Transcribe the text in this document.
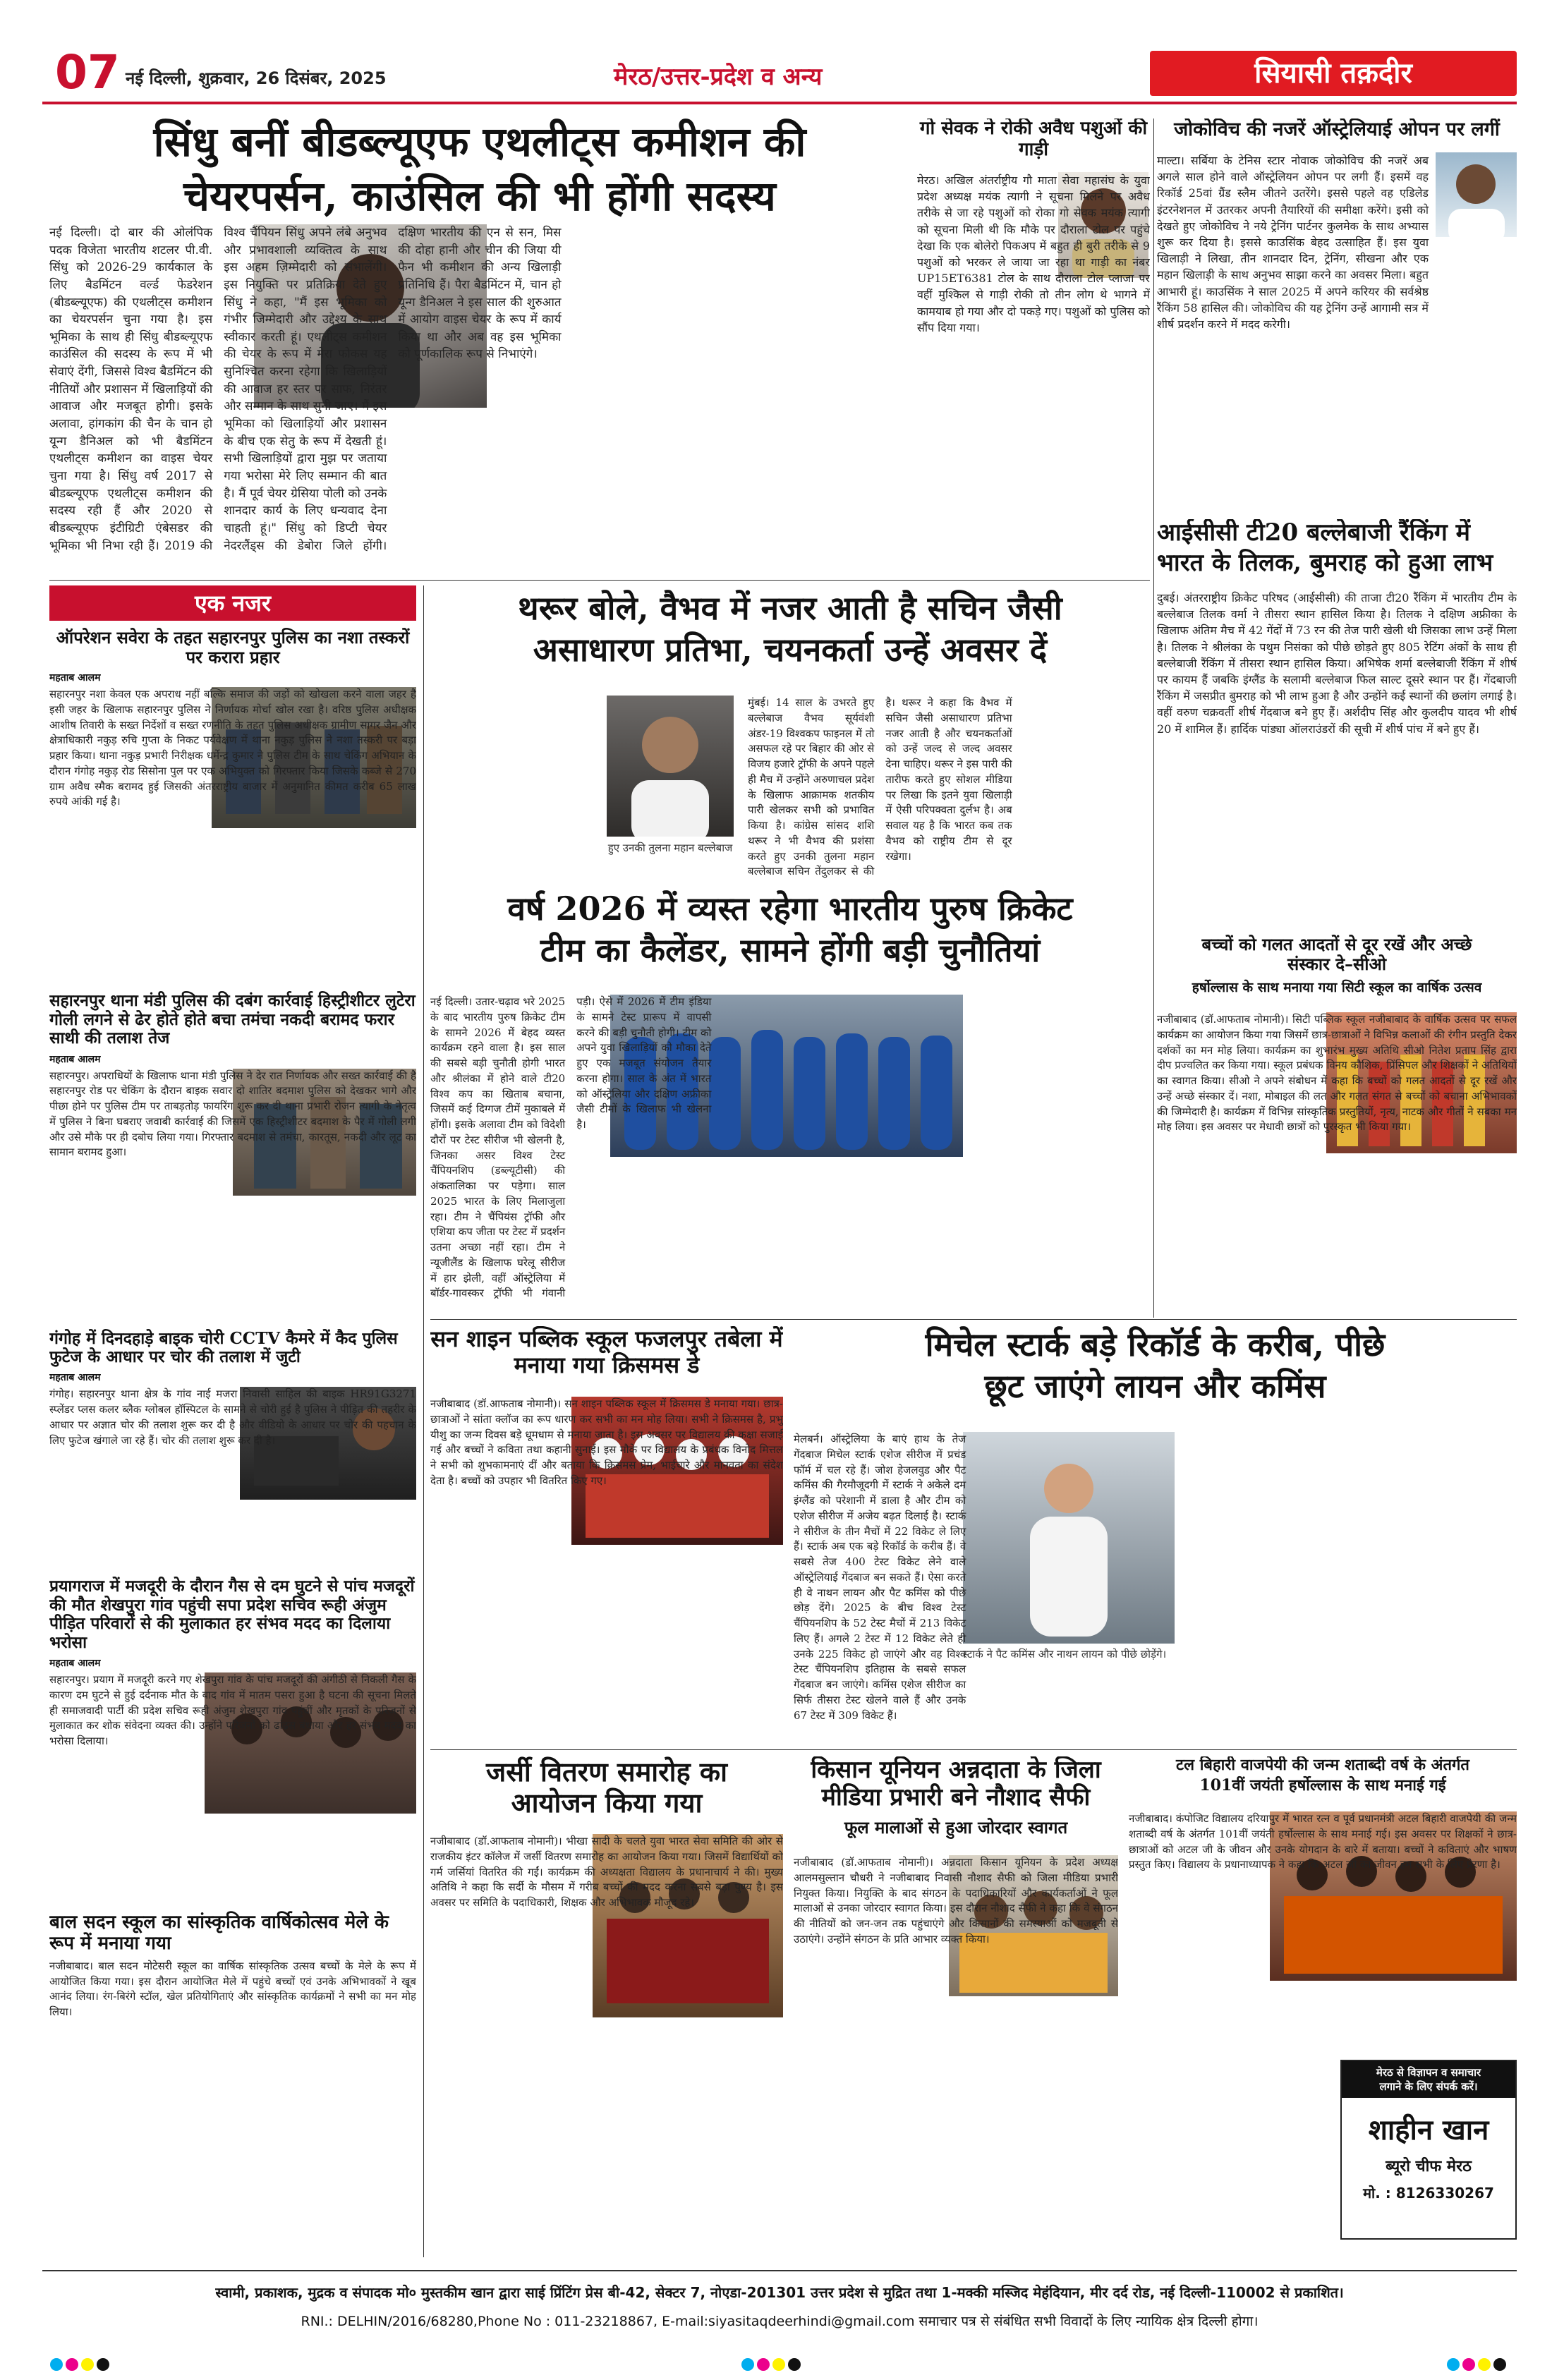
07 नई दिल्ली, शुक्रवार, 26 दिसंबर, 2025	मेरठ/उत्तर-प्रदेश व अन्य	सियासी तक़दीर
सिंधु बनीं बीडब्ल्यूएफ एथलीट्स कमीशन की
चेयरपर्सन, काउंसिल की भी होंगी सदस्य
नई दिल्ली। दो बार की ओलंपिक पदक विजेता भारतीय शटलर पी.वी. सिंधु को 2026-29 कार्यकाल के लिए बैडमिंटन वर्ल्ड फेडरेशन (बीडब्ल्यूएफ) की एथलीट्स कमीशन का चेयरपर्सन चुना गया है। इस भूमिका के साथ ही सिंधु बीडब्ल्यूएफ काउंसिल की सदस्य के रूप में भी सेवाएं देंगी, जिससे विश्व बैडमिंटन की नीतियों और प्रशासन में खिलाड़ियों की आवाज और मजबूत होगी। इसके अलावा, हांगकांग की चैन के चान हो यून्ग डैनिअल को भी बैडमिंटन एथलीट्स कमीशन का वाइस चेयर चुना गया है। सिंधु वर्ष 2017 से बीडब्ल्यूएफ एथलीट्स कमीशन की सदस्य रही हैं और 2020 से बीडब्ल्यूएफ इंटीग्रिटी एंबेसडर की भूमिका भी निभा रही हैं। 2019 की विश्व चैंपियन सिंधु अपने लंबे अनुभव और प्रभावशाली व्यक्तित्व के साथ इस अहम ज़िम्मेदारी को संभालेंगी। इस नियुक्ति पर प्रतिक्रिया देते हुए सिंधु ने कहा, "मैं इस भूमिका को गंभीर जिम्मेदारी और उद्देश्य के साथ स्वीकार करती हूं। एथलीट्स कमीशन की चेयर के रूप में मेरा फोकस यह सुनिश्चित करना रहेगा कि खिलाड़ियों की आवाज हर स्तर पर साफ, निरंतर और सम्मान के साथ सुनी जाए। मैं इस भूमिका को खिलाड़ियों और प्रशासन के बीच एक सेतु के रूप में देखती हूं। सभी खिलाड़ियों द्वारा मुझ पर जताया गया भरोसा मेरे लिए सम्मान की बात है। मैं पूर्व चेयर ग्रेसिया पोली को उनके शानदार कार्य के लिए धन्यवाद देना चाहती हूं।" सिंधु को डिप्टी चेयर नेदरलैंड्स की डेबोरा जिले होंगी। दक्षिण भारतीय की एन से सन, मिस की दोहा हानी और चीन की जिया यी फैन भी कमीशन की अन्य खिलाड़ी प्रतिनिधि हैं। पैरा बैडमिंटन में, चान हो यून्ग डैनिअल ने इस साल की शुरुआत में आयोग वाइस चेयर के रूप में कार्य किया था और अब वह इस भूमिका को पूर्णकालिक रूप से निभाएंगे।
गो सेवक ने रोकी अवैध पशुओं की गाड़ी
मेरठ। अखिल अंतर्राष्ट्रीय गौ माता सेवा महासंघ के युवा प्रदेश अध्यक्ष मयंक त्यागी ने सूचना मिलने पर अवैध तरीके से जा रहे पशुओं को रोका गो सेवक मयंक त्यागी को सूचना मिली थी कि मौके पर दौराला टोल पर पहुंचे देखा कि एक बोलेरो पिकअप में बहुत ही बुरी तरीके से 9 पशुओं को भरकर ले जाया जा रहा था गाड़ी का नंबर UP15ET6381 टोल के साथ दौराला टोल प्लाजा पर वहीं मुश्किल से गाड़ी रोकी तो तीन लोग थे भागने में कामयाब हो गया और दो पकड़े गए। पशुओं को पुलिस को सौंप दिया गया।
जोकोविच की नजरें ऑस्ट्रेलियाई ओपन पर लगीं
माल्टा। सर्बिया के टेनिस स्टार नोवाक जोकोविच की नजरें अब अगले साल होने वाले ऑस्ट्रेलियन ओपन पर लगी हैं। इसमें वह रिकॉर्ड 25वां ग्रैंड स्लैम जीतने उतरेंगे। इससे पहले वह एडिलेड इंटरनेशनल में उतरकर अपनी तैयारियों की समीक्षा करेंगे। इसी को देखते हुए जोकोविच ने नये ट्रेनिंग पार्टनर कुलमेक के साथ अभ्यास शुरू कर दिया है। इससे काउसिंक बेहद उत्साहित हैं। इस युवा खिलाड़ी ने लिखा, तीन शानदार दिन, ट्रेनिंग, सीखना और एक महान खिलाड़ी के साथ अनुभव साझा करने का अवसर मिला। बहुत आभारी हूं। काउसिंक ने साल 2025 में अपने करियर की सर्वश्रेष्ठ रैंकिंग 58 हासिल की। जोकोविच की यह ट्रेनिंग उन्हें आगामी सत्र में शीर्ष प्रदर्शन करने में मदद करेगी।
आईसीसी टी20 बल्लेबाजी रैंकिंग में
भारत के तिलक, बुमराह को हुआ लाभ
दुबई। अंतरराष्ट्रीय क्रिकेट परिषद (आईसीसी) की ताजा टी20 रैंकिंग में भारतीय टीम के बल्लेबाज तिलक वर्मा ने तीसरा स्थान हासिल किया है। तिलक ने दक्षिण अफ्रीका के खिलाफ अंतिम मैच में 42 गेंदों में 73 रन की तेज पारी खेली थी जिसका लाभ उन्हें मिला है। तिलक ने श्रीलंका के पथुम निसंका को पीछे छोड़ते हुए 805 रेटिंग अंकों के साथ ही बल्लेबाजी रैंकिंग में तीसरा स्थान हासिल किया। अभिषेक शर्मा बल्लेबाजी रैंकिंग में शीर्ष पर कायम हैं जबकि इंग्लैंड के सलामी बल्लेबाज फिल साल्ट दूसरे स्थान पर हैं। गेंदबाजी रैंकिंग में जसप्रीत बुमराह को भी लाभ हुआ है और उन्होंने कई स्थानों की छलांग लगाई है। वहीं वरुण चक्रवर्ती शीर्ष गेंदबाज बने हुए हैं। अर्शदीप सिंह और कुलदीप यादव भी शीर्ष 20 में शामिल हैं। हार्दिक पांड्या ऑलराउंडरों की सूची में शीर्ष पांच में बने हुए हैं।
एक नजर
ऑपरेशन सवेरा के तहत सहारनपुर पुलिस का नशा तस्करों पर करारा प्रहार
महताब आलम
सहारनपुर नशा केवल एक अपराध नहीं बल्कि समाज की जड़ों को खोखला करने वाला जहर है इसी जहर के खिलाफ सहारनपुर पुलिस ने निर्णायक मोर्चा खोल रखा है। वरिष्ठ पुलिस अधीक्षक आशीष तिवारी के सख्त निर्देशों व सख्त रणनीति के तहत पुलिस अधीक्षक ग्रामीण सागर जैन और क्षेत्राधिकारी नकुड़ रुचि गुप्ता के निकट पर्यवेक्षण में थाना नकुड़ पुलिस ने नशा तस्करी पर बड़ा प्रहार किया। थाना नकुड़ प्रभारी निरीक्षक धर्मेन्द्र कुमार ने पुलिस टीम के साथ चेकिंग अभियान के दौरान गंगोह नकुड़ रोड सिसोना पुल पर एक अभियुक्त को गिरफ्तार किया जिसके कब्जे से 270 ग्राम अवैध स्मैक बरामद हुई जिसकी अंतरराष्ट्रीय बाजार में अनुमानित कीमत करीब 65 लाख रुपये आंकी गई है।
सहारनपुर थाना मंडी पुलिस की दबंग कार्रवाई हिस्ट्रीशीटर लुटेरा गोली लगने से ढेर होते होते बचा तमंचा नकदी बरामद फरार साथी की तलाश तेज
महताब आलम
सहारनपुर। अपराधियों के खिलाफ थाना मंडी पुलिस ने देर रात निर्णायक और सख्त कार्रवाई की है सहारनपुर रोड पर चेकिंग के दौरान बाइक सवार दो शातिर बदमाश पुलिस को देखकर भागे और पीछा होने पर पुलिस टीम पर ताबड़तोड़ फायरिंग शुरू कर दी थाना प्रभारी रोजन त्यागी के नेतृत्व में पुलिस ने बिना घबराए जवाबी कार्रवाई की जिसमें एक हिस्ट्रीशीटर बदमाश के पैर में गोली लगी और उसे मौके पर ही दबोच लिया गया। गिरफ्तार बदमाश से तमंचा, कारतूस, नकदी और लूट का सामान बरामद हुआ।
गंगोह में दिनदहाड़े बाइक चोरी CCTV कैमरे में कैद पुलिस फुटेज के आधार पर चोर की तलाश में जुटी
महताब आलम
गंगोह। सहारनपुर थाना क्षेत्र के गांव नाई मजरा निवासी साहिल की बाइक HR91G3271 स्प्लेंडर प्लस कलर ब्लैक ग्लोबल हॉस्पिटल के सामने से चोरी हुई है पुलिस ने पीड़ित की तहरीर के आधार पर अज्ञात चोर की तलाश शुरू कर दी है और वीडियो के आधार पर चोर की पहचान के लिए फुटेज खंगाले जा रहे हैं। चोर की तलाश शुरू कर दी है।
प्रयागराज में मजदूरी के दौरान गैस से दम घुटने से पांच मजदूरों की मौत शेखपुरा गांव पहुंची सपा प्रदेश सचिव रूही अंजुम पीड़ित परिवारों से की मुलाकात हर संभव मदद का दिलाया भरोसा
महताब आलम
सहारनपुर। प्रयाग में मजदूरी करने गए शेखपुरा गांव के पांच मजदूरों की अंगीठी से निकली गैस के कारण दम घुटने से हुई दर्दनाक मौत के बाद गांव में मातम पसरा हुआ है घटना की सूचना मिलते ही समाजवादी पार्टी की प्रदेश सचिव रूही अंजुम शेखपुरा गांव पहुंचीं और मृतकों के परिजनों से मुलाकात कर शोक संवेदना व्यक्त की। उन्होंने परिजनों को ढांढस बंधाया और हर संभव मदद का भरोसा दिलाया।
बाल सदन स्कूल का सांस्कृतिक वार्षिकोत्सव मेले के रूप में मनाया गया
नजीबाबाद। बाल सदन मोटेसरी स्कूल का वार्षिक सांस्कृतिक उत्सव बच्चों के मेले के रूप में आयोजित किया गया। इस दौरान आयोजित मेले में पहुंचे बच्चों एवं उनके अभिभावकों ने खूब आनंद लिया। रंग-बिरंगे स्टॉल, खेल प्रतियोगिताएं और सांस्कृतिक कार्यक्रमों ने सभी का मन मोह लिया।
थरूर बोले, वैभव में नजर आती है सचिन जैसी
असाधारण प्रतिभा, चयनकर्ता उन्हें अवसर दें
हुए उनकी तुलना महान बल्लेबाज
मुंबई। 14 साल के उभरते हुए बल्लेबाज वैभव सूर्यवंशी अंडर-19 विश्वकप फाइनल में तो असफल रहे पर बिहार की ओर से विजय हजारे ट्रॉफी के अपने पहले ही मैच में उन्होंने अरुणाचल प्रदेश के खिलाफ आक्रामक शतकीय पारी खेलकर सभी को प्रभावित किया है। कांग्रेस सांसद शशि थरूर ने भी वैभव की प्रशंसा करते हुए उनकी तुलना महान बल्लेबाज सचिन तेंदुलकर से की है। थरूर ने कहा कि वैभव में सचिन जैसी असाधारण प्रतिभा नजर आती है और चयनकर्ताओं को उन्हें जल्द से जल्द अवसर देना चाहिए। थरूर ने इस पारी की तारीफ करते हुए सोशल मीडिया पर लिखा कि इतने युवा खिलाड़ी में ऐसी परिपक्वता दुर्लभ है। अब सवाल यह है कि भारत कब तक वैभव को राष्ट्रीय टीम से दूर रखेगा।
वर्ष 2026 में व्यस्त रहेगा भारतीय पुरुष क्रिकेट
टीम का कैलेंडर, सामने होंगी बड़ी चुनौतियां
नई दिल्ली। उतार-चढ़ाव भरे 2025 के बाद भारतीय पुरुष क्रिकेट टीम के सामने 2026 में बेहद व्यस्त कार्यक्रम रहने वाला है। इस साल की सबसे बड़ी चुनौती होगी भारत और श्रीलंका में होने वाले टी20 विश्व कप का खिताब बचाना, जिसमें कई दिग्गज टीमें मुकाबले में होंगी। इसके अलावा टीम को विदेशी दौरों पर टेस्ट सीरीज भी खेलनी है, जिनका असर विश्व टेस्ट चैंपियनशिप (डब्ल्यूटीसी) की अंकतालिका पर पड़ेगा। साल 2025 भारत के लिए मिलाजुला रहा। टीम ने चैंपियंस ट्रॉफी और एशिया कप जीता पर टेस्ट में प्रदर्शन उतना अच्छा नहीं रहा। टीम ने न्यूजीलैंड के खिलाफ घरेलू सीरीज में हार झेली, वहीं ऑस्ट्रेलिया में बॉर्डर-गावस्कर ट्रॉफी भी गंवानी पड़ी। ऐसे में 2026 में टीम इंडिया के सामने टेस्ट प्रारूप में वापसी करने की बड़ी चुनौती होगी। टीम को अपने युवा खिलाड़ियों को मौका देते हुए एक मजबूत संयोजन तैयार करना होगा। साल के अंत में भारत को ऑस्ट्रेलिया और दक्षिण अफ्रीका जैसी टीमों के खिलाफ भी खेलना है।
बच्चों को गलत आदतों से दूर रखें और अच्छे
संस्कार दे–सीओ
हर्षोल्लास के साथ मनाया गया सिटी स्कूल का वार्षिक उत्सव
नजीबाबाद (डॉ.आफताब नोमानी)। सिटी पब्लिक स्कूल नजीबाबाद के वार्षिक उत्सव पर सफल कार्यक्रम का आयोजन किया गया जिसमें छात्र-छात्राओं ने विभिन्न कलाओं की रंगीन प्रस्तुति देकर दर्शकों का मन मोह लिया। कार्यक्रम का शुभारंभ मुख्य अतिथि सीओ नितेश प्रताप सिंह द्वारा दीप प्रज्वलित कर किया गया। स्कूल प्रबंधक विनय कौशिक, प्रिंसिपल और शिक्षकों ने अतिथियों का स्वागत किया। सीओ ने अपने संबोधन में कहा कि बच्चों को गलत आदतों से दूर रखें और उन्हें अच्छे संस्कार दें। नशा, मोबाइल की लत और गलत संगत से बच्चों को बचाना अभिभावकों की जिम्मेदारी है। कार्यक्रम में विभिन्न सांस्कृतिक प्रस्तुतियों, नृत्य, नाटक और गीतों ने सबका मन मोह लिया। इस अवसर पर मेधावी छात्रों को पुरस्कृत भी किया गया।
सन शाइन पब्लिक स्कूल फजलपुर तबेला में मनाया गया क्रिसमस डे
नजीबाबाद (डॉ.आफताब नोमानी)। सन शाइन पब्लिक स्कूल में क्रिसमस डे मनाया गया। छात्र-छात्राओं ने सांता क्लॉज का रूप धारण कर सभी का मन मोह लिया। सभी ने क्रिसमस है, प्रभु यीशु का जन्म दिवस बड़े धूमधाम से मनाया जाता है। इस अवसर पर विद्यालय की कक्षा सजाई गई और बच्चों ने कविता तथा कहानी सुनाई। इस मौके पर विद्यालय के प्रबंधक विनोद मित्तल ने सभी को शुभकामनाएं दीं और बताया कि क्रिसमस प्रेम, भाईचारे और मानवता का संदेश देता है। बच्चों को उपहार भी वितरित किए गए।
मिचेल स्टार्क बड़े रिकॉर्ड के करीब, पीछे
छूट जाएंगे लायन और कमिंस
स्टार्क ने पैट कमिंस और नाथन लायन को पीछे छोड़ेंगे।
मेलबर्न। ऑस्ट्रेलिया के बाएं हाथ के तेज गेंदबाज मिचेल स्टार्क एशेज सीरीज में प्रचंड फॉर्म में चल रहे हैं। जोश हेजलवुड और पैट कमिंस की गैरमौजूदगी में स्टार्क ने अकेले दम इंग्लैंड को परेशानी में डाला है और टीम को एशेज सीरीज में अजेय बढ़त दिलाई है। स्टार्क ने सीरीज के तीन मैचों में 22 विकेट ले लिए हैं। स्टार्क अब एक बड़े रिकॉर्ड के करीब हैं। वे सबसे तेज 400 टेस्ट विकेट लेने वाले ऑस्ट्रेलियाई गेंदबाज बन सकते हैं। ऐसा करते ही वे नाथन लायन और पैट कमिंस को पीछे छोड़ देंगे। 2025 के बीच विश्व टेस्ट चैंपियनशिप के 52 टेस्ट मैचों में 213 विकेट लिए हैं। अगले 2 टेस्ट में 12 विकेट लेते ही उनके 225 विकेट हो जाएंगे और वह विश्व टेस्ट चैंपियनशिप इतिहास के सबसे सफल गेंदबाज बन जाएंगे। कमिंस एशेज सीरीज का सिर्फ तीसरा टेस्ट खेलने वाले हैं और उनके 67 टेस्ट में 309 विकेट हैं।
जर्सी वितरण समारोह का
आयोजन किया गया
नजीबाबाद (डॉ.आफताब नोमानी)। भीखा सादी के चलते युवा भारत सेवा समिति की ओर से राजकीय इंटर कॉलेज में जर्सी वितरण समारोह का आयोजन किया गया। जिसमें विद्यार्थियों को गर्म जर्सियां वितरित की गईं। कार्यक्रम की अध्यक्षता विद्यालय के प्रधानाचार्य ने की। मुख्य अतिथि ने कहा कि सर्दी के मौसम में गरीब बच्चों की मदद करना सबसे बड़ा पुण्य है। इस अवसर पर समिति के पदाधिकारी, शिक्षक और अभिभावक मौजूद रहे।
किसान यूनियन अन्नदाता के जिला
मीडिया प्रभारी बने नौशाद सैफी
फूल मालाओं से हुआ जोरदार स्वागत
नजीबाबाद (डॉ.आफताब नोमानी)। अन्नदाता किसान यूनियन के प्रदेश अध्यक्ष आलमसुल्तान चौधरी ने नजीबाबाद निवासी नौशाद सैफी को जिला मीडिया प्रभारी नियुक्त किया। नियुक्ति के बाद संगठन के पदाधिकारियों और कार्यकर्ताओं ने फूल मालाओं से उनका जोरदार स्वागत किया। इस दौरान नौशाद सैफी ने कहा कि वे संगठन की नीतियों को जन-जन तक पहुंचाएंगे और किसानों की समस्याओं को मजबूती से उठाएंगे। उन्होंने संगठन के प्रति आभार व्यक्त किया।
टल बिहारी वाजपेयी की जन्म शताब्दी वर्ष के अंतर्गत
101वीं जयंती हर्षोल्लास के साथ मनाई गई
नजीबाबाद। कंपोजिट विद्यालय दरियापुर में भारत रत्न व पूर्व प्रधानमंत्री अटल बिहारी वाजपेयी की जन्म शताब्दी वर्ष के अंतर्गत 101वीं जयंती हर्षोल्लास के साथ मनाई गई। इस अवसर पर शिक्षकों ने छात्र-छात्राओं को अटल जी के जीवन और उनके योगदान के बारे में बताया। बच्चों ने कविताएं और भाषण प्रस्तुत किए। विद्यालय के प्रधानाध्यापक ने कहा कि अटल जी का जीवन हम सभी के लिए प्रेरणा है।
मेरठ से विज्ञापन व समाचार
लगाने के लिए संपर्क करें।
शाहीन खान
ब्यूरो चीफ मेरठ
मो. : 8126330267
स्वामी, प्रकाशक, मुद्रक व संपादक मो० मुस्तकीम खान द्वारा साई प्रिंटिंग प्रेस बी-42, सेक्टर 7, नोएडा-201301 उत्तर प्रदेश से मुद्रित तथा 1-मक्की मस्जिद मेहंदियान, मीर दर्द रोड, नई दिल्ली-110002 से प्रकाशित।
RNI.: DELHIN/2016/68280,Phone No : 011-23218867, E-mail:siyasitaqdeerhindi@gmail.com समाचार पत्र से संबंधित सभी विवादों के लिए न्यायिक क्षेत्र दिल्ली होगा।
